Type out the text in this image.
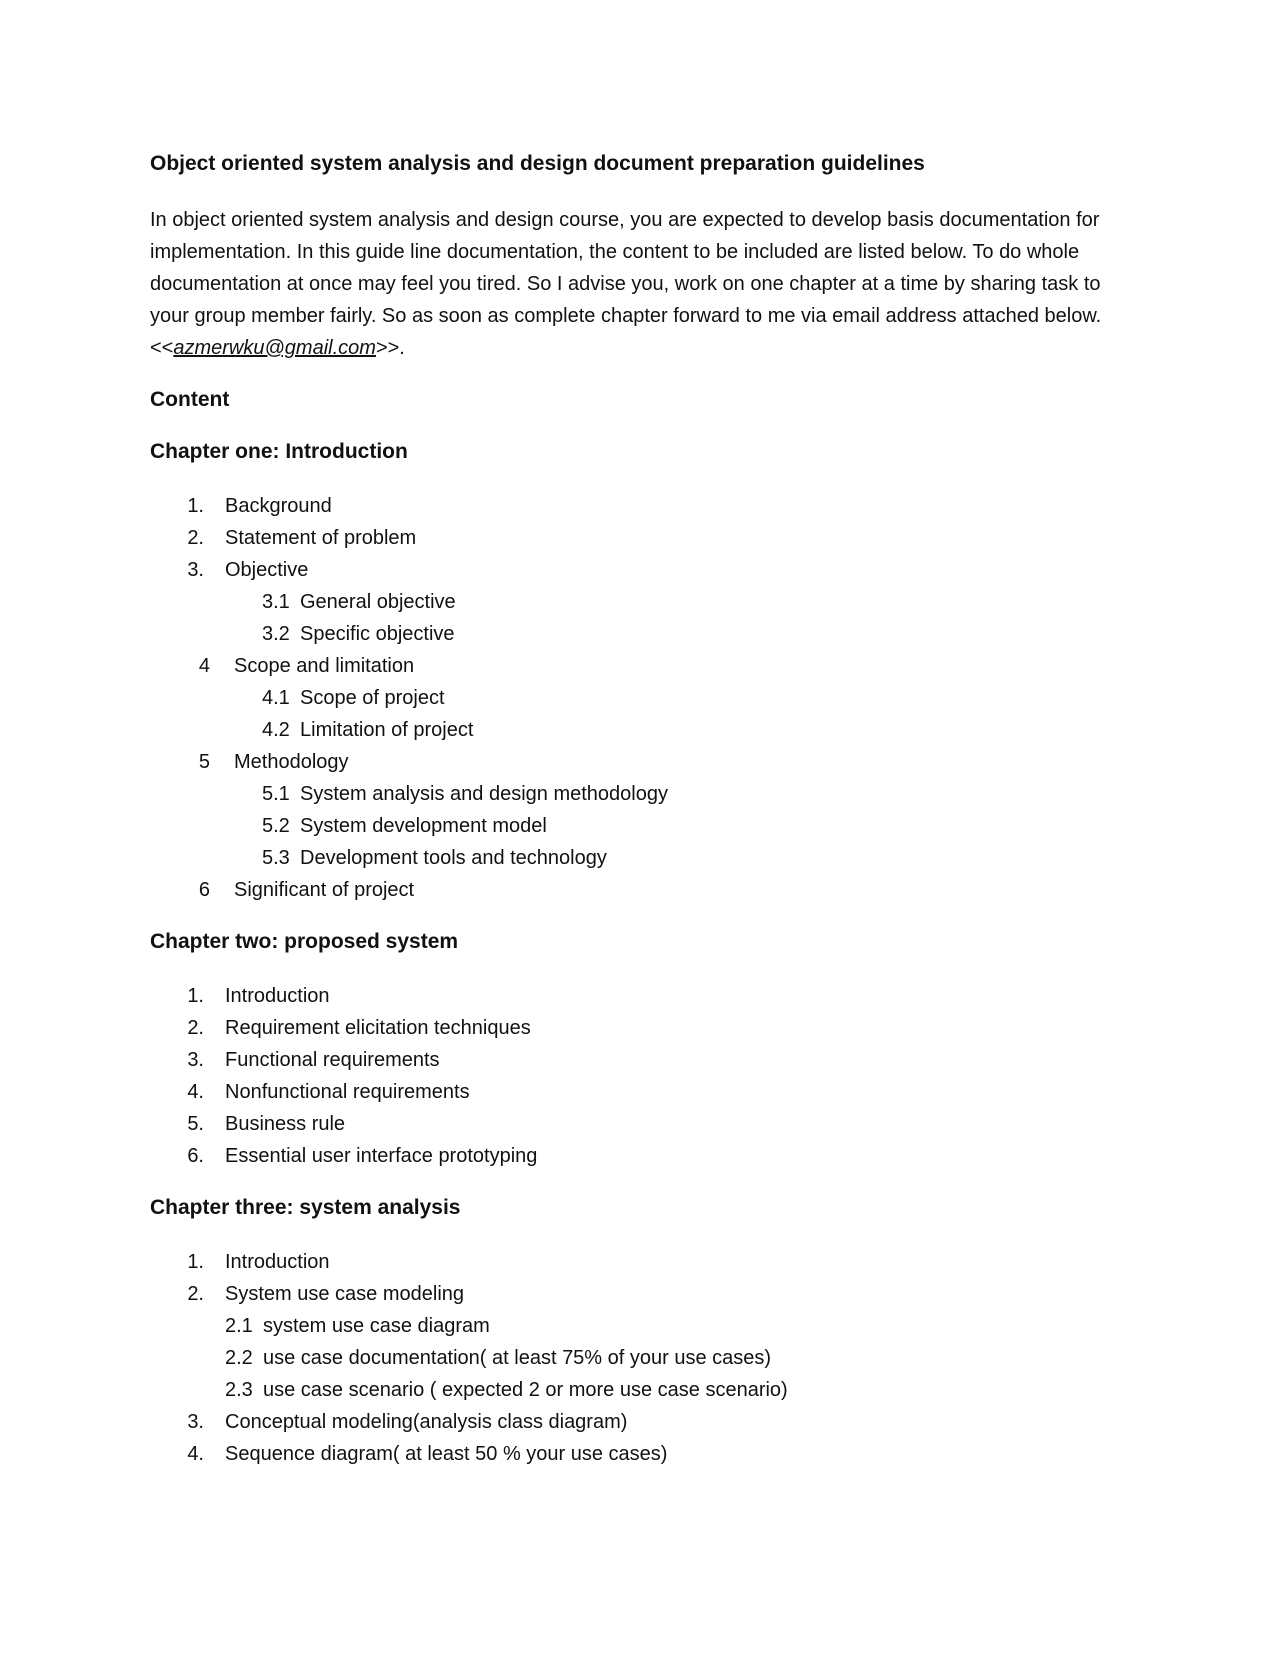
Object oriented system analysis and design document preparation guidelines
In object oriented system analysis and design course, you are expected to develop basis documentation for implementation. In this guide line documentation, the content to be included are listed below. To do whole documentation at once may feel you tired. So I advise you, work on one chapter at a time by sharing task to your group member fairly. So as soon as complete chapter forward to me via email address attached below. <<azmerwku@gmail.com>>.
Content
Chapter one: Introduction
1. Background
2. Statement of problem
3. Objective
3.1 General objective
3.2 Specific objective
4 Scope and limitation
4.1 Scope of project
4.2 Limitation of project
5 Methodology
5.1 System analysis and design methodology
5.2 System development model
5.3 Development tools and technology
6 Significant of project
Chapter two: proposed system
1. Introduction
2. Requirement elicitation techniques
3. Functional requirements
4. Nonfunctional requirements
5. Business rule
6. Essential user interface prototyping
Chapter three: system analysis
1. Introduction
2. System use case modeling
2.1 system use case diagram
2.2 use case documentation( at least 75% of your use cases)
2.3 use case scenario ( expected 2 or more use case scenario)
3. Conceptual modeling(analysis class diagram)
4. Sequence diagram( at least 50 % your use cases)
